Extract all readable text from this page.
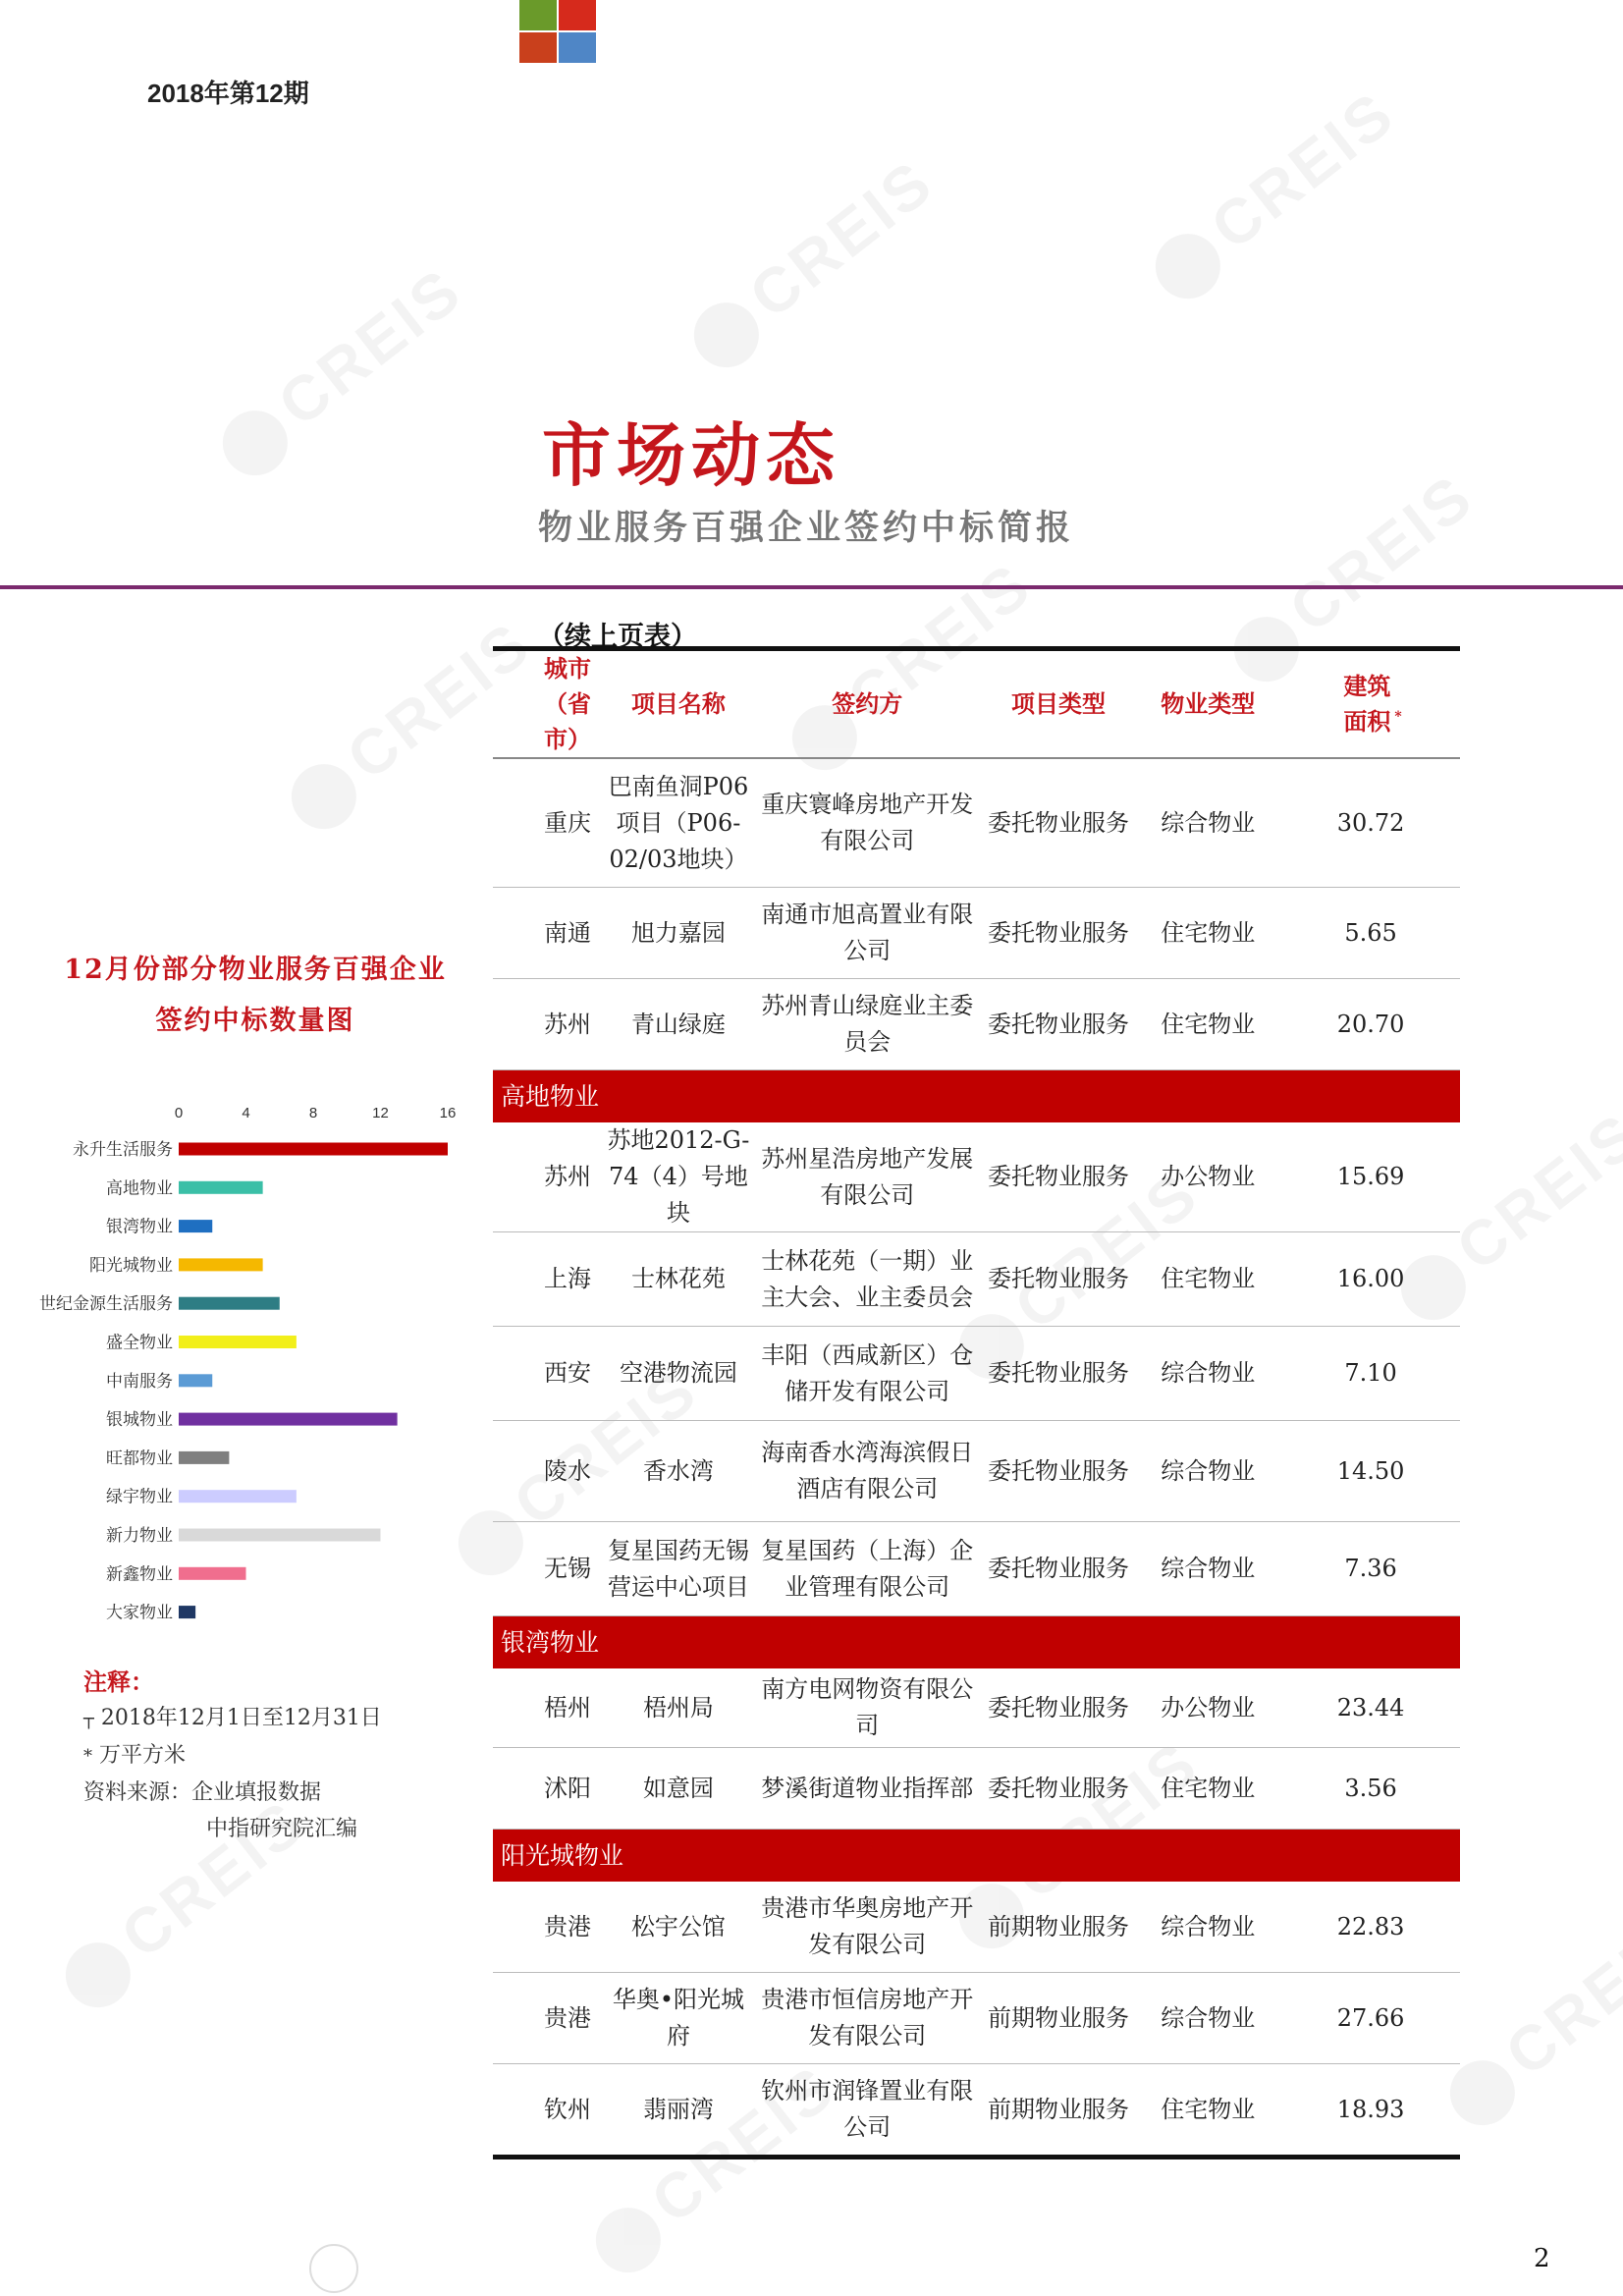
2018年第12期
市场动态
物业服务百强企业签约中标简报
（续上页表）
城市（省市）	项目名称	签约方	项目类型	物业类型	建筑面积 *
重庆	巴南鱼洞P06项目（P06-02/03地块）	重庆寰峰房地产开发有限公司	委托物业服务	综合物业	30.72
南通	旭力嘉园	南通市旭高置业有限公司	委托物业服务	住宅物业	5.65
苏州	青山绿庭	苏州青山绿庭业主委员会	委托物业服务	住宅物业	20.70
高地物业					
苏州	苏地2012-G-74（4）号地块	苏州星浩房地产发展有限公司	委托物业服务	办公物业	15.69
上海	士林花苑	士林花苑（一期）业主大会、业主委员会	委托物业服务	住宅物业	16.00
西安	空港物流园	丰阳（西咸新区）仓储开发有限公司	委托物业服务	综合物业	7.10
陵水	香水湾	海南香水湾海滨假日酒店有限公司	委托物业服务	综合物业	14.50
无锡	复星国药无锡营运中心项目	复星国药（上海）企业管理有限公司	委托物业服务	综合物业	7.36
银湾物业					
梧州	梧州局	南方电网物资有限公司	委托物业服务	办公物业	23.44
沭阳	如意园	梦溪街道物业指挥部	委托物业服务	住宅物业	3.56
阳光城物业					
贵港	松宇公馆	贵港市华奥房地产开发有限公司	前期物业服务	综合物业	22.83
贵港	华奥•阳光城府	贵港市恒信房地产开发有限公司	前期物业服务	综合物业	27.66
钦州	翡丽湾	钦州市润锋置业有限公司	前期物业服务	住宅物业	18.93
12月份部分物业服务百强企业签约中标数量图
0	4	8	12	16
永升生活服务
高地物业
银湾物业
阳光城物业
世纪金源生活服务
盛全物业
中南服务
银城物业
旺都物业
绿宇物业
新力物业
新鑫物业
大家物业
注释：
┬ 2018年12月1日至12月31日
* 万平方米
资料来源：企业填报数据
中指研究院汇编
2
